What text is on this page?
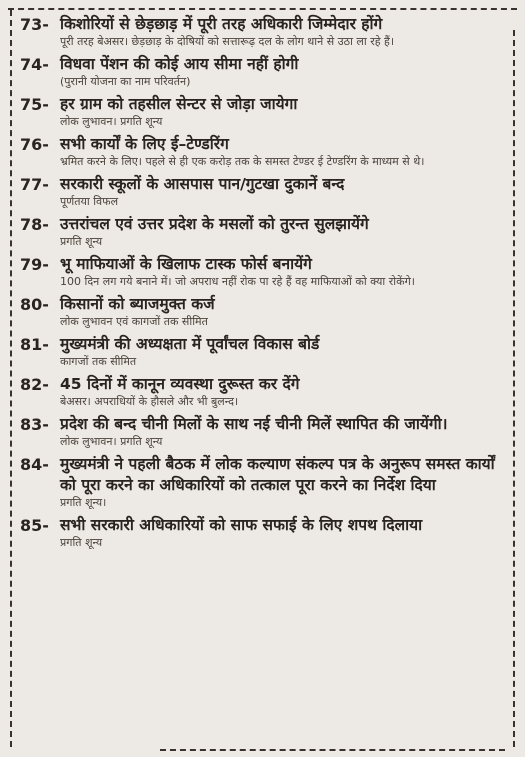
73- किशोरियों से छेड़छाड़ में पूरी तरह अधिकारी जिम्मेदार होंगे
पूरी तरह बेअसर। छेड़छाड़ के दोषियों को सत्तारूढ़ दल के लोग थाने से उठा ला रहे हैं।
74- विधवा पेंशन की कोई आय सीमा नहीं होगी
(पुरानी योजना का नाम परिवर्तन)
75- हर ग्राम को तहसील सेन्टर से जोड़ा जायेगा
लोक लुभावन। प्रगति शून्य
76- सभी कार्यों के लिए ई–टेण्डरिंग
भ्रमित करने के लिए। पहले से ही एक करोड़ तक के समस्त टेण्डर ई टेण्डरिंग के माध्यम से थे।
77- सरकारी स्कूलों के आसपास पान/गुटखा दुकानें बन्द
पूर्णतया विफल
78- उत्तरांचल एवं उत्तर प्रदेश के मसलों को तुरन्त सुलझायेंगे
प्रगति शून्य
79- भू माफियाओं के खिलाफ टास्क फोर्स बनायेंगे
100 दिन लग गये बनाने में। जो अपराध नहीं रोक पा रहे हैं वह माफियाओं को क्या रोकेंगे।
80- किसानों को ब्याजमुक्त कर्ज
लोक लुभावन एवं कागजों तक सीमित
81- मुख्यमंत्री की अध्यक्षता में पूर्वांचल विकास बोर्ड
कागजों तक सीमित
82- 45 दिनों में कानून व्यवस्था दुरूस्त कर देंगे
बेअसर। अपराधियों के हौसले और भी बुलन्द।
83- प्रदेश की बन्द चीनी मिलों के साथ नई चीनी मिलें स्थापित की जायेंगी।
लोक लुभावन। प्रगति शून्य
84- मुख्यमंत्री ने पहली बैठक में लोक कल्याण संकल्प पत्र के अनुरूप समस्त कार्यों को पूरा करने का अधिकारियों को तत्काल पूरा करने का निर्देश दिया
प्रगति शून्य।
85- सभी सरकारी अधिकारियों को साफ सफाई के लिए शपथ दिलाया
प्रगति शून्य
